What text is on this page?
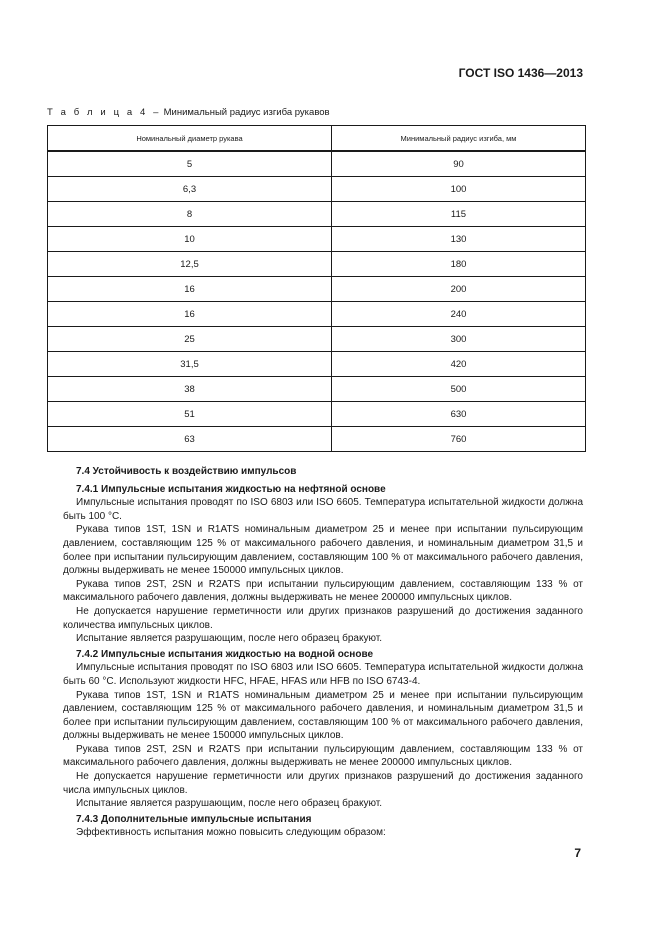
ГОСТ ISO 1436—2013
Т а б л и ц а 4 – Минимальный радиус изгиба рукавов
Номинальный диаметр рукава	Минимальный радиус изгиба, мм
5	90
6,3	100
8	115
10	130
12,5	180
16	200
16	240
25	300
31,5	420
38	500
51	630
63	760
7.4 Устойчивость к воздействию импульсов
7.4.1 Импульсные испытания жидкостью на нефтяной основе

Импульсные испытания проводят по ISO 6803 или ISO 6605. Температура испытательной жидкости должна быть 100 °С.

Рукава типов 1ST, 1SN и R1ATS номинальным диаметром 25 и менее при испытании пульсирующим давлением, составляющим 125 % от максимального рабочего давления, и номинальным диаметром 31,5 и более при испытании пульсирующим давлением, составляющим 100 % от максимального рабочего давления, должны выдерживать не менее 150000 импульсных циклов.

Рукава типов 2ST, 2SN и R2ATS при испытании пульсирующим давлением, составляющим 133 % от максимального рабочего давления, должны выдерживать не менее 200000 импульсных циклов.

Не допускается нарушение герметичности или других признаков разрушений до достижения заданного количества импульсных циклов.

Испытание является разрушающим, после него образец бракуют.

7.4.2 Импульсные испытания жидкостью на водной основе

Импульсные испытания проводят по ISO 6803 или ISO 6605. Температура испытательной жидкости должна быть 60 °С. Используют жидкости HFC, HFAE, HFAS или HFB по ISO 6743-4.

Рукава типов 1ST, 1SN и R1ATS номинальным диаметром 25 и менее при испытании пульсирующим давлением, составляющим 125 % от максимального рабочего давления, и номинальным диаметром 31,5 и более при испытании пульсирующим давлением, составляющим 100 % от максимального рабочего давления, должны выдерживать не менее 150000 импульсных циклов.

Рукава типов 2ST, 2SN и R2ATS при испытании пульсирующим давлением, составляющим 133 % от максимального рабочего давления, должны выдерживать не менее 200000 импульсных циклов.

Не допускается нарушение герметичности или других признаков разрушений до достижения заданного числа импульсных циклов.

Испытание является разрушающим, после него образец бракуют.

7.4.3 Дополнительные импульсные испытания

Эффективность испытания можно повысить следующим образом:

7
